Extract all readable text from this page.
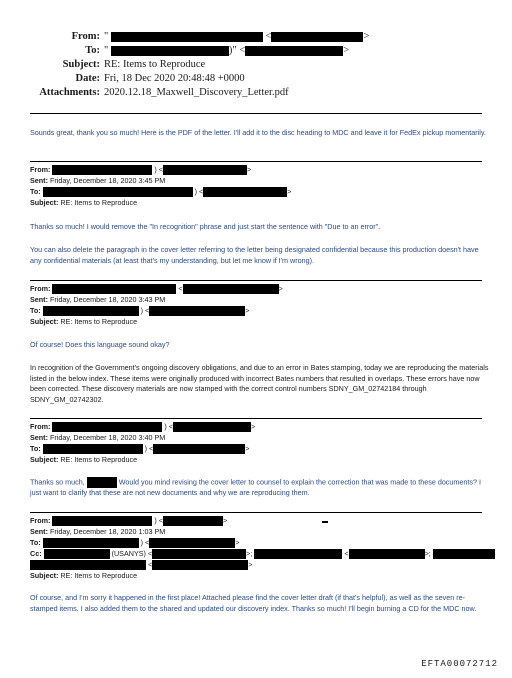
From: "	<	>
To: "	)" <	>
Subject: RE: Items to Reproduce
Date: Fri, 18 Dec 2020 20:48:48 +0000
Attachments: 2020.12.18_Maxwell_Discovery_Letter.pdf
Sounds great, thank you so much! Here is the PDF of the letter. I'll add it to the disc heading to MDC and leave it for FedEx pickup momentarily.
From:	) <	>
Sent: Friday, December 18, 2020 3:45 PM
To:	) <	>
Subject: RE: Items to Reproduce
Thanks so much! I would remove the "In recognition" phrase and just start the sentence with "Due to an error".
You can also delete the paragraph in the cover letter referring to the letter being designated confidential because this production doesn't have any confidential materials (at least that's my understanding, but let me know if I'm wrong).
From:	<	>
Sent: Friday, December 18, 2020 3:43 PM
To:	) <	>
Subject: RE: Items to Reproduce
Of course! Does this language sound okay?
In recognition of the Government's ongoing discovery obligations, and due to an error in Bates stamping, today we are reproducing the materials listed in the below index. These items were originally produced with incorrect Bates numbers that resulted in overlaps. These errors have now been corrected. These discovery materials are now stamped with the correct control numbers SDNY_GM_02742184 through SDNY_GM_02742302.
From:	) <	>
Sent: Friday, December 18, 2020 3:40 PM
To:	) <	>
Subject: RE: Items to Reproduce
Thanks so much,	Would you mind revising the cover letter to counsel to explain the correction that was made to these documents? I just want to clarify that these are not new documents and why we are reproducing them.
From:	) <	>
Sent: Friday, December 18, 2020 1:03 PM
To:	) <	>
Cc:	(USANYS) <	>;	<	>;
<	>
Subject: RE: Items to Reproduce
Of course, and I'm sorry it happened in the first place! Attached please find the cover letter draft (if that's helpful), as well as the seven re-stamped items. I also added them to the shared and updated our discovery index. Thanks so much! I'll begin burning a CD for the MDC now.
EFTA00072712
